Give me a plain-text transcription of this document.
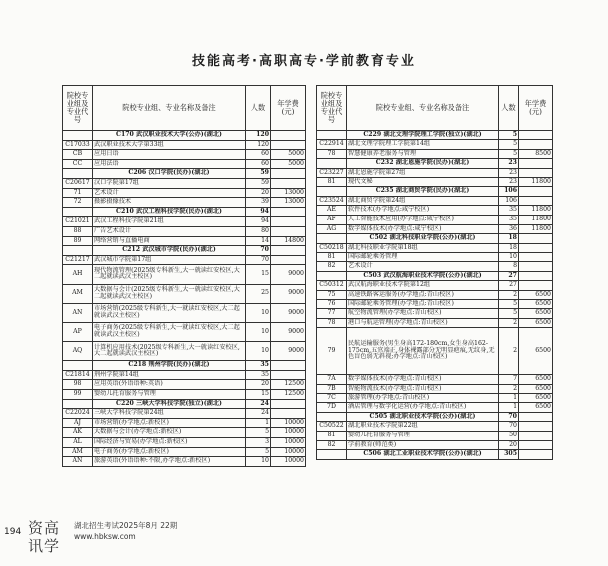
技能高考·高职高专·学前教育专业
院校专业组及专业代号	院校专业组、专业名称及备注	人数	年学费(元)
	C170 武汉职业技术大学(公办)(湖北)	120	
C17033	武汉职业技术大学第33组	120	
CB	应用日语	60	5000
CC	应用法语	60	5000
	C206 汉口学院(民办)(湖北)	59	
C20617	汉口学院第17组	59	
71	艺术设计	20	13000
72	摄影摄像技术	39	13000
	C210 武汉工程科技学院(民办)(湖北)	94	
C21021	武汉工程科技学院第21组	94	
88	广告艺术设计	80	
89	网络营销与直播电商	14	14800
	C212 武汉城市学院(民办)(湖北)	70	
C21217	武汉城市学院第17组	70	
AH	现代物流管理(2025级专科新生,大一就读红安校区,大二起就读武汉主校区)	15	9000
AM	大数据与会计(2025级专科新生,大一就读红安校区,大二起就读武汉主校区)	25	9000
AN	市场营销(2025级专科新生,大一就读红安校区,大二起就读武汉主校区)	10	9000
AP	电子商务(2025级专科新生,大一就读红安校区,大二起就读武汉主校区)	10	9000
AQ	计算机应用技术(2025级专科新生,大一就读红安校区,大二起就读武汉主校区)	10	9000
	C218 荆州学院(民办)(湖北)	35	
C21814	荆州学院第14组	35	
98	应用英语(外语语种:英语)	20	12500
99	婴幼儿托育服务与管理	15	12500
	C220 三峡大学科技学院(独立)(湖北)	24	
C22024	三峡大学科技学院第24组	24	
AJ	市场营销(办学地点:新校区)	1	10000
AK	大数据与会计(办学地点:新校区)	5	10000
AL	国际经济与贸易(办学地点:新校区)	3	10000
AM	电子商务(办学地点:新校区)	5	10000
AN	旅游英语(外语语种:不限,办学地点:新校区)	10	10000
院校专业组及专业代号	院校专业组、专业名称及备注	人数	年学费(元)
	C229 湖北文理学院理工学院(独立)(湖北)	5	
C22914	湖北文理学院理工学院第14组	5	
78	智慧健康养老服务与管理	5	8500
	C232 湖北恩施学院(民办)(湖北)	23	
C23227	湖北恩施学院第27组	23	
81	现代文秘	23	11800
	C235 湖北商贸学院(民办)(湖北)	106	
C23524	湖北商贸学院第24组	106	
AE	软件技术(办学地点:咸宁校区)	35	11800
AF	人工智能技术应用(办学地点:咸宁校区)	35	11800
AG	数字媒体技术(办学地点:咸宁校区)	36	11800
	C502 湖北科技职业学院(公办)(湖北)	18	
C50218	湖北科技职业学院第18组	18	
81	国际邮轮乘务管理	10	
82	艺术设计	8	
	C503 武汉航海职业技术学院(公办)(湖北)	27	
C50312	武汉航海职业技术学院第12组	27	
75	高速铁路客运服务(办学地点:青山校区)	2	6500
76	国际邮轮乘务管理(办学地点:青山校区)	5	6500
77	航空物流管理(办学地点:青山校区)	5	6500
78	港口与航运管理(办学地点:青山校区)	2	6500
79	民航运输服务(男生身高172-180cm,女生身高162-175cm,五官端正,身体裸露部分无明显疤痕,无纹身,无色盲色弱无斜视;办学地点:青山校区)	2	6500
7A	数字媒体技术(办学地点:青山校区)	7	6500
7B	智能物流技术(办学地点:青山校区)	2	6500
7C	旅游管理(办学地点:青山校区)	1	6500
7D	酒店管理与数字化运营(办学地点:青山校区)	1	6500
	C505 湖北职业技术学院(公办)(湖北)	70	
C50522	湖北职业技术学院第22组	70	
81	婴幼儿托育服务与管理	50	
82	学前教育(师范类)	20	
	C506 湖北工业职业技术学院(公办)(湖北)	305	
194 资高
讯学
湖北招生考试2025年8月 22期
www.hbksw.com
